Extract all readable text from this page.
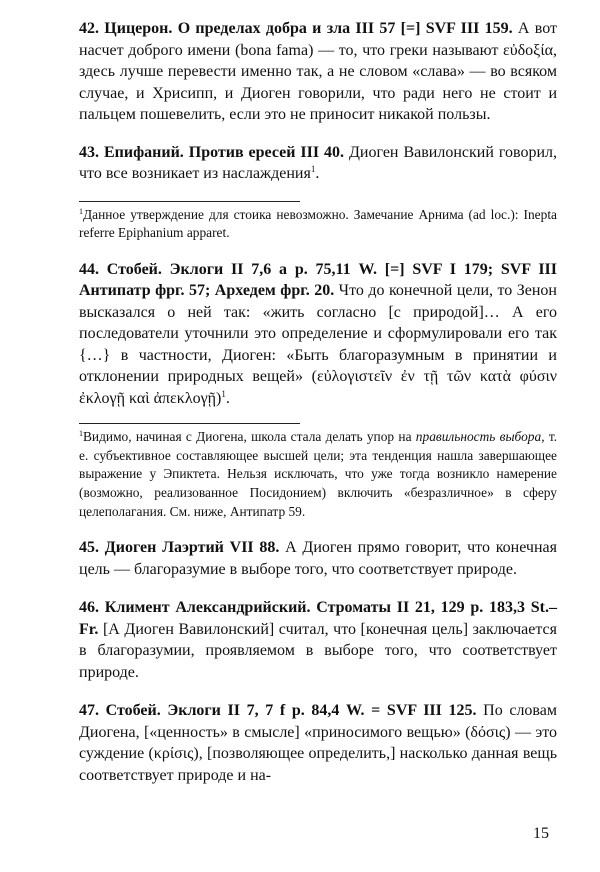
42. Цицерон. О пределах добра и зла III 57 [=] SVF III 159. А вот насчет доброго имени (bona fama) — то, что греки называют εὐδοξία, здесь лучше перевести именно так, а не словом «слава» — во всяком случае, и Хрисипп, и Диоген говорили, что ради него не стоит и пальцем пошевелить, если это не приносит никакой пользы.

43. Епифаний. Против ересей III 40. Диоген Вавилонский говорил, что все возникает из наслаждения$^1$.

$^1$Данное утверждение для стоика невозможно. Замечание Арнима (ad loc.): Inepta referre Epiphanium apparet.

44. Стобей. Эклоги II 7,6 а р. 75,11 W. [=] SVF I 179; SVF III Антипатр фрг. 57; Архедем фрг. 20. Что до конечной цели, то Зенон высказался о ней так: «жить согласно [с природой]… А его последователи уточнили это определение и сформулировали его так {…} в частности, Диоген: «Быть благоразумным в принятии и отклонении природных вещей» (εὐλογιστεῖν ἐν τῇ τῶν κατὰ φύσιν ἐκλογῇ καὶ ἀπεκλογῇ)$^1$.

$^1$Видимо, начиная с Диогена, школа стала делать упор на правильность выбора, т. е. субъективное составляющее высшей цели; эта тенденция нашла завершающее выражение у Эпиктета. Нельзя исключать, что уже тогда возникло намерение (возможно, реализованное Посидонием) включить «безразличное» в сферу целеполагания. См. ниже, Антипатр 59.

45. Диоген Лаэртий VII 88. А Диоген прямо говорит, что конечная цель — благоразумие в выборе того, что соответствует природе.

46. Климент Александрийский. Строматы II 21, 129 р. 183,3 St.–Fr. [А Диоген Вавилонский] считал, что [конечная цель] заключается в благоразумии, проявляемом в выборе того, что соответствует природе.

47. Стобей. Эклоги II 7, 7 f р. 84,4 W. = SVF III 125. По словам Диогена, [«ценность» в смысле] «приносимого вещью» (δόσις) — это суждение (κρίσις), [позволяющее определить,] насколько данная вещь соответствует природе и на-

15
